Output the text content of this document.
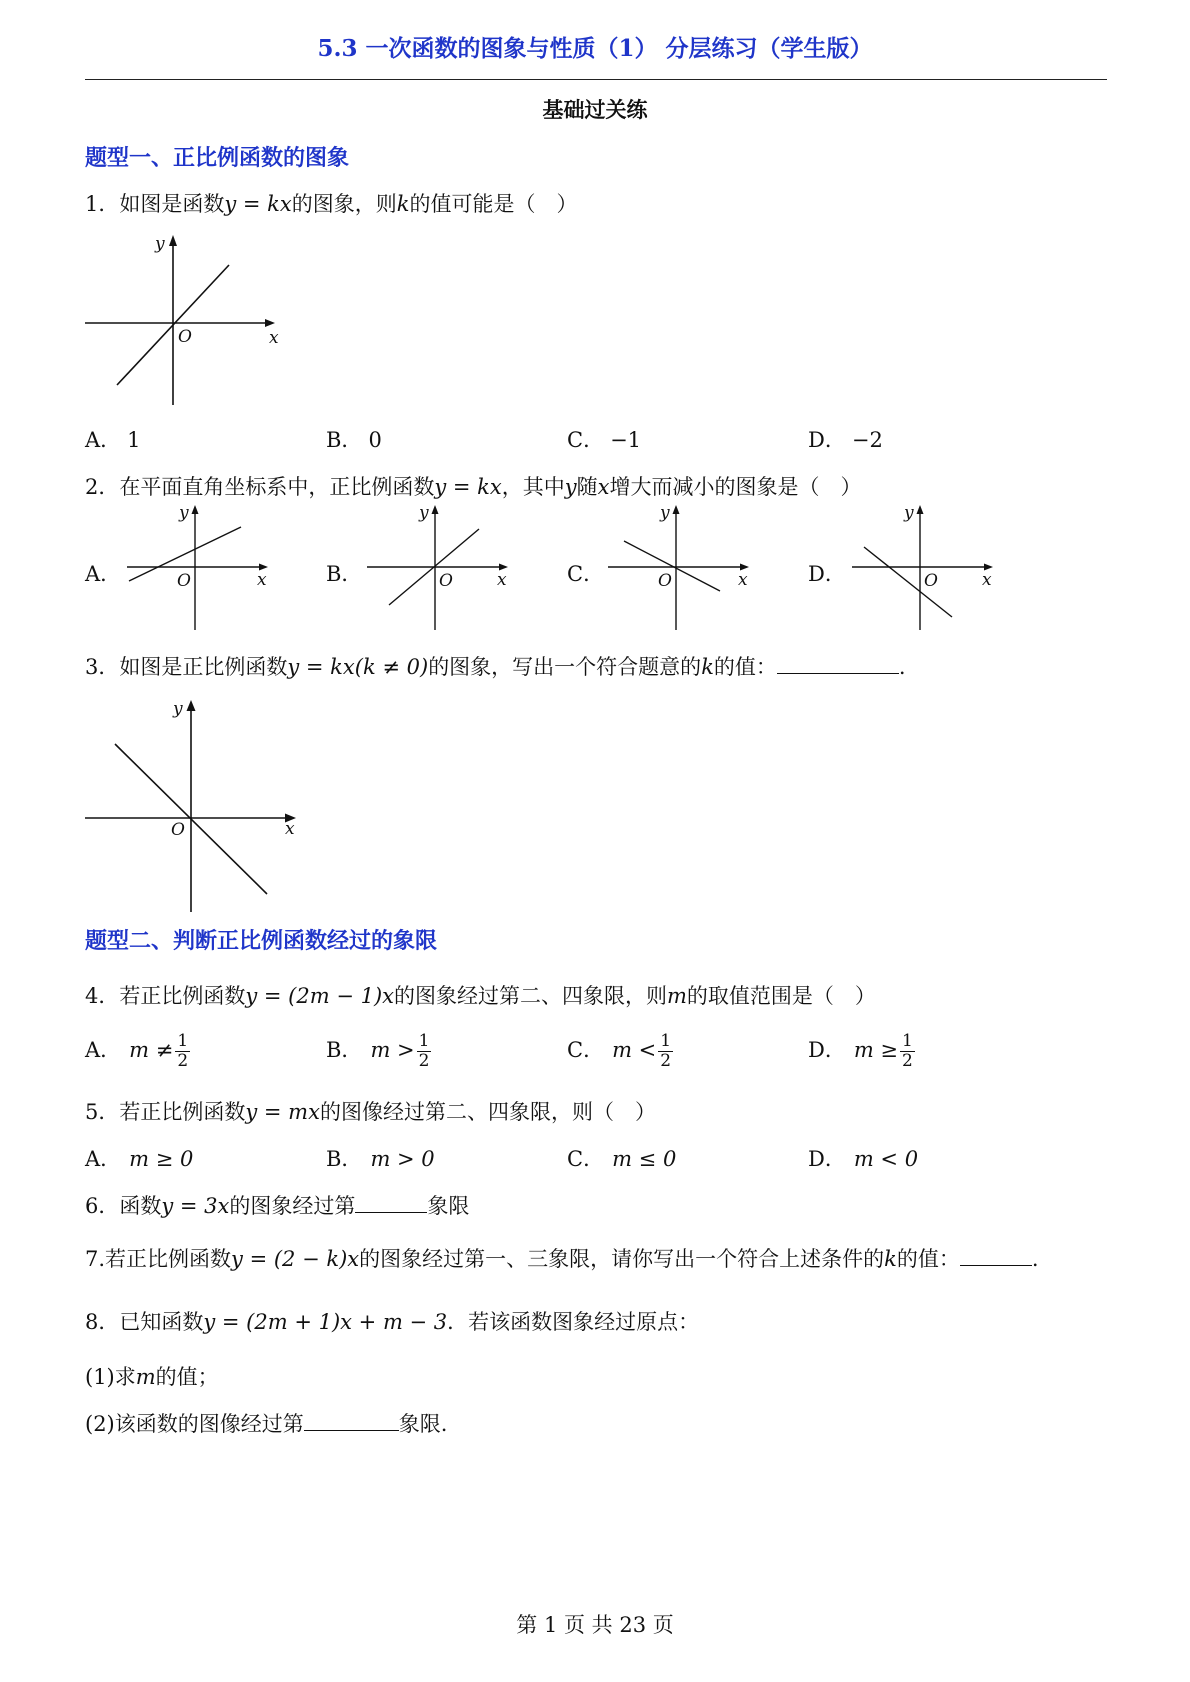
5.3 一次函数的图象与性质（1） 分层练习（学生版）
基础过关练
题型一、正比例函数的图象
1．如图是函数y = kx的图象，则k的值可能是（　）
x
y
O
A． 1	B． 0	C． −1	D． −2
2．在平面直角坐标系中，正比例函数y = kx，其中y随x增大而减小的图象是（　）
A．	x
y
O	B．	x
y
O	C．	x
y
O	D．	x
y
O
3．如图是正比例函数y = kx(k ≠ 0)的图象，写出一个符合题意的k的值：	.
x
y
O
题型二、判断正比例函数经过的象限
4．若正比例函数y = (2m − 1)x的图象经过第二、四象限，则m的取值范围是（　）
A． $m \ne \frac{1}{2}$	B． $m > \frac{1}{2}$	C． $m < \frac{1}{2}$	D． $m \ge \frac{1}{2}$
5．若正比例函数y = mx的图像经过第二、四象限，则（　）
A． m ≥ 0	B． m > 0	C． m ≤ 0	D． m < 0
6．函数y = 3x的图象经过第	象限
7.若正比例函数y = (2 − k)x的图象经过第一、三象限，请你写出一个符合上述条件的k的值：	.
8．已知函数y = (2m + 1)x + m − 3．若该函数图象经过原点：
(1)求m的值；
(2)该函数的图像经过第	象限.
第 1 页 共 23 页
